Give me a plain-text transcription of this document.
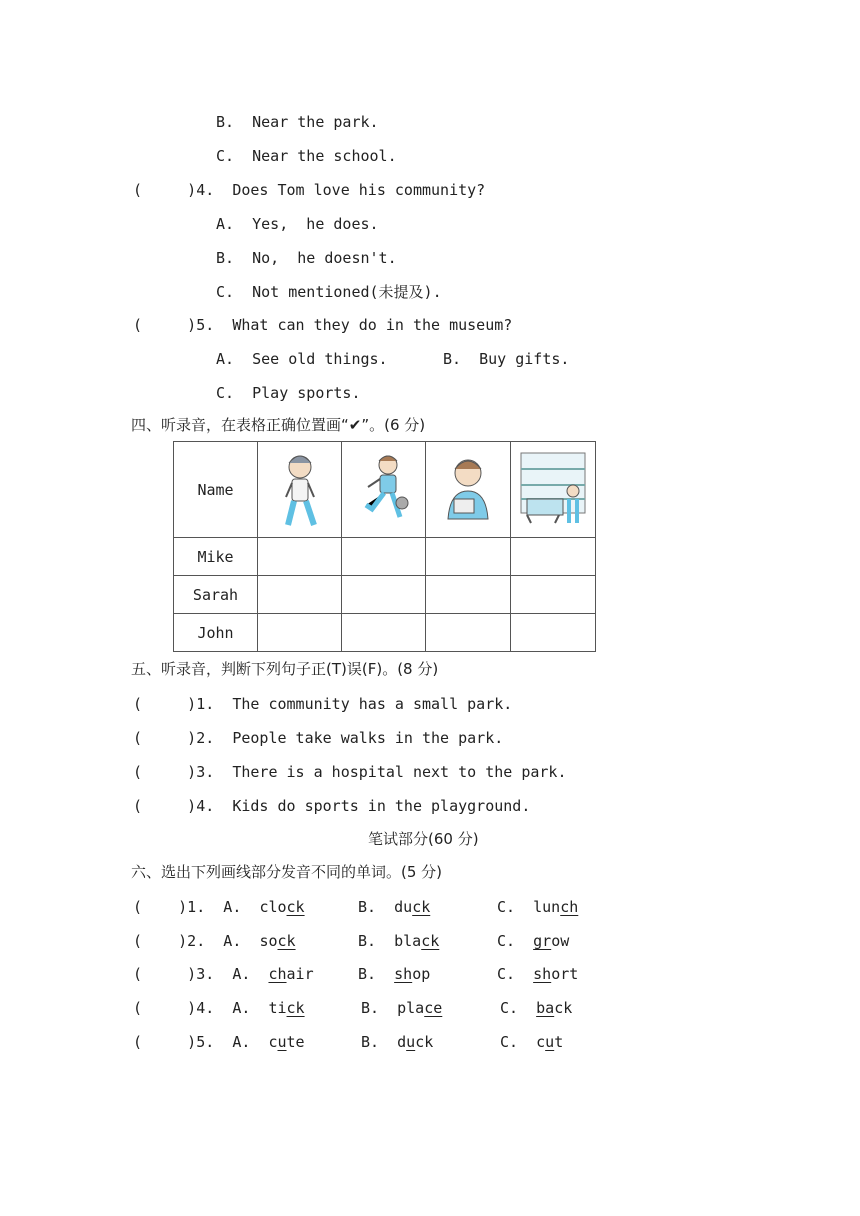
B.  Near the park.
C.  Near the school.
(     )4.  Does Tom love his community?
A.  Yes,  he does.
B.  No,  he doesn't.
C.  Not mentioned(未提及).
(     )5.  What can they do in the museum?
A.  See old things.	B.  Buy gifts.
C.  Play sports.
四、听录音，在表格正确位置画“✔”。(6 分)
Name	

Mike				
Sarah				
John				
五、听录音，判断下列句子正(T)误(F)。(8 分)
(     )1.  The community has a small park.
(     )2.  People take walks in the park.
(     )3.  There is a hospital next to the park.
(     )4.  Kids do sports in the playground.
笔试部分(60 分)
六、选出下列画线部分发音不同的单词。(5 分)
(    )1.  A.  clock	B.  duck	C.  lunch
(    )2.  A.  sock	B.  black	C.  grow
(     )3.  A.  chair	B.  shop	C.  short
(     )4.  A.  tick	B.  place	C.  back
(     )5.  A.  cute	B.  duck	C.  cut
